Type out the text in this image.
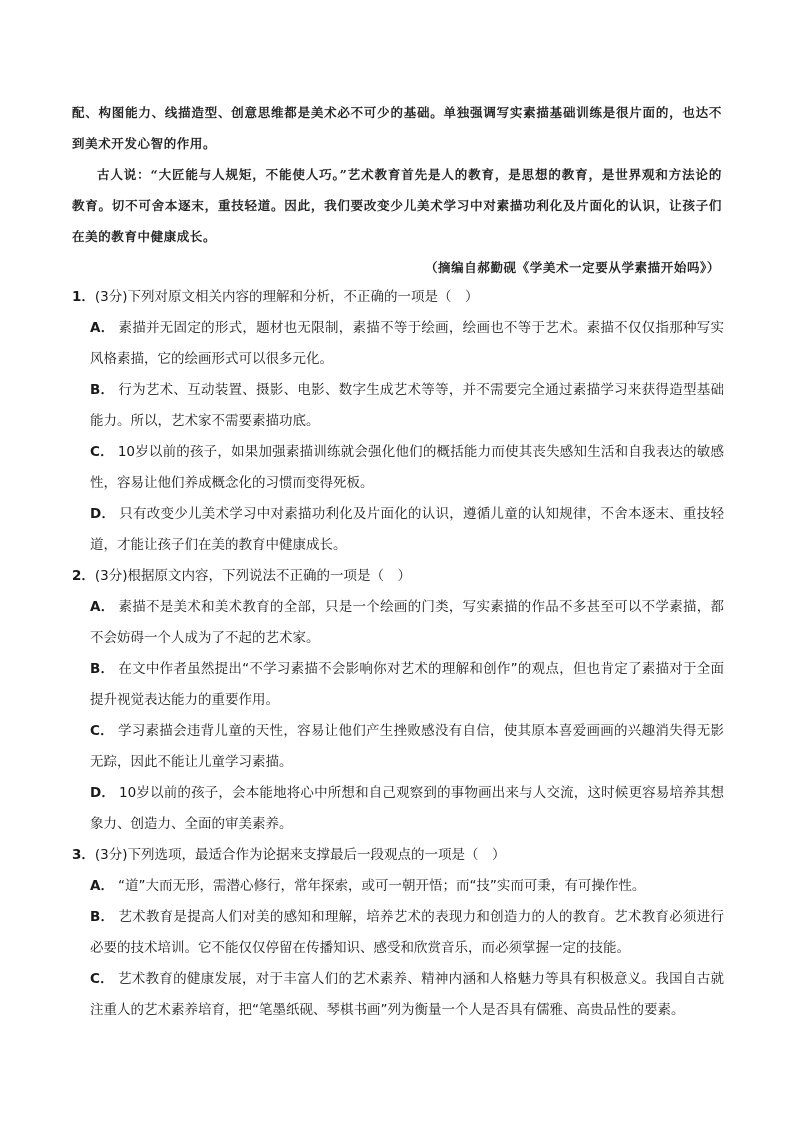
配、构图能力、线描造型、创意思维都是美术必不可少的基础。单独强调写实素描基础训练是很片面的，也达不到美术开发心智的作用。

古人说：“大匠能与人规矩，不能使人巧。”艺术教育首先是人的教育，是思想的教育，是世界观和方法论的教育。切不可舍本逐末，重技轻道。因此，我们要改变少儿美术学习中对素描功利化及片面化的认识，让孩子们在美的教育中健康成长。

（摘编自郝勤砚《学美术一定要从学素描开始吗》）

1．(3分)下列对原文相关内容的理解和分析，不正确的一项是（　）

A． 素描并无固定的形式，题材也无限制，素描不等于绘画，绘画也不等于艺术。素描不仅仅指那种写实风格素描，它的绘画形式可以很多元化。

B． 行为艺术、互动装置、摄影、电影、数字生成艺术等等，并不需要完全通过素描学习来获得造型基础能力。所以，艺术家不需要素描功底。

C． 10岁以前的孩子，如果加强素描训练就会强化他们的概括能力而使其丧失感知生活和自我表达的敏感性，容易让他们养成概念化的习惯而变得死板。

D． 只有改变少儿美术学习中对素描功利化及片面化的认识，遵循儿童的认知规律，不舍本逐末、重技轻道，才能让孩子们在美的教育中健康成长。

2．(3分)根据原文内容，下列说法不正确的一项是（　）

A． 素描不是美术和美术教育的全部，只是一个绘画的门类，写实素描的作品不多甚至可以不学素描，都不会妨碍一个人成为了不起的艺术家。

B． 在文中作者虽然提出“不学习素描不会影响你对艺术的理解和创作”的观点，但也肯定了素描对于全面提升视觉表达能力的重要作用。

C． 学习素描会违背儿童的天性，容易让他们产生挫败感没有自信，使其原本喜爱画画的兴趣消失得无影无踪，因此不能让儿童学习素描。

D． 10岁以前的孩子，会本能地将心中所想和自己观察到的事物画出来与人交流，这时候更容易培养其想象力、创造力、全面的审美素养。

3．(3分)下列选项，最适合作为论据来支撑最后一段观点的一项是（　）

A． “道”大而无形，需潜心修行，常年探索，或可一朝开悟；而“技”实而可秉，有可操作性。

B． 艺术教育是提高人们对美的感知和理解，培养艺术的表现力和创造力的人的教育。艺术教育必须进行必要的技术培训。它不能仅仅停留在传播知识、感受和欣赏音乐，而必须掌握一定的技能。

C． 艺术教育的健康发展，对于丰富人们的艺术素养、精神内涵和人格魅力等具有积极意义。我国自古就注重人的艺术素养培育，把“笔墨纸砚、琴棋书画”列为衡量一个人是否具有儒雅、高贵品性的要素。
